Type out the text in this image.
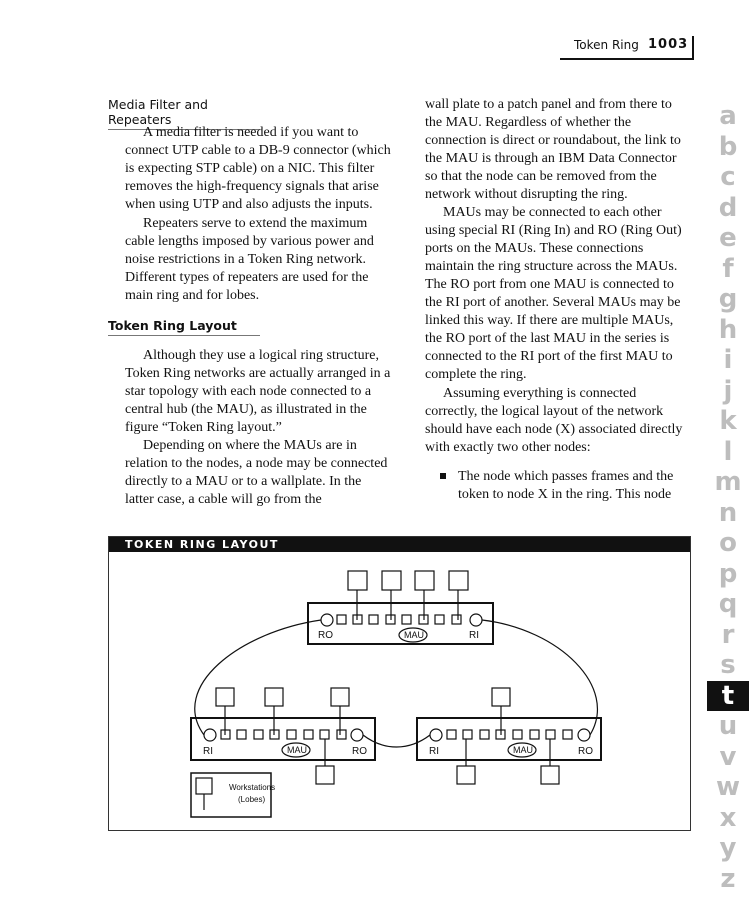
Token Ring 1003
Media Filter and Repeaters

A media filter is needed if you want to connect UTP cable to a DB-9 connector (which is expecting STP cable) on a NIC. This filter removes the high-frequency signals that arise when using UTP and also adjusts the inputs.

Repeaters serve to extend the maximum cable lengths imposed by various power and noise restrictions in a Token Ring network. Different types of repeaters are used for the main ring and for lobes.

Token Ring Layout

Although they use a logical ring structure, Token Ring networks are actually arranged in a star topology with each node connected to a central hub (the MAU), as illustrated in the figure “Token Ring layout.”

Depending on where the MAUs are in relation to the nodes, a node may be connected directly to a MAU or to a wallplate. In the latter case, a cable will go from the

wall plate to a patch panel and from there to the MAU. Regardless of whether the connection is direct or roundabout, the link to the MAU is through an IBM Data Connector so that the node can be removed from the network without disrupting the ring.

MAUs may be connected to each other using special RI (Ring In) and RO (Ring Out) ports on the MAUs. These connections maintain the ring structure across the MAUs. The RO port from one MAU is connected to the RI port of another. Several MAUs may be linked this way. If there are multiple MAUs, the RO port of the last MAU in the series is connected to the RI port of the first MAU to complete the ring.

Assuming everything is connected correctly, the logical layout of the network should have each node (X) associated directly with exactly two other nodes:

The node which passes frames and the token to node X in the ring. This node
TOKEN RING LAYOUT
RO	MAU	RI
RI	MAU	RO	RI	MAU	RO
Workstations
(Lobes)
a
b
c
d
e
f
g
h
i
j
k
l
m
n
o
p
q
r
s
t
u
v
w
x
y
z
